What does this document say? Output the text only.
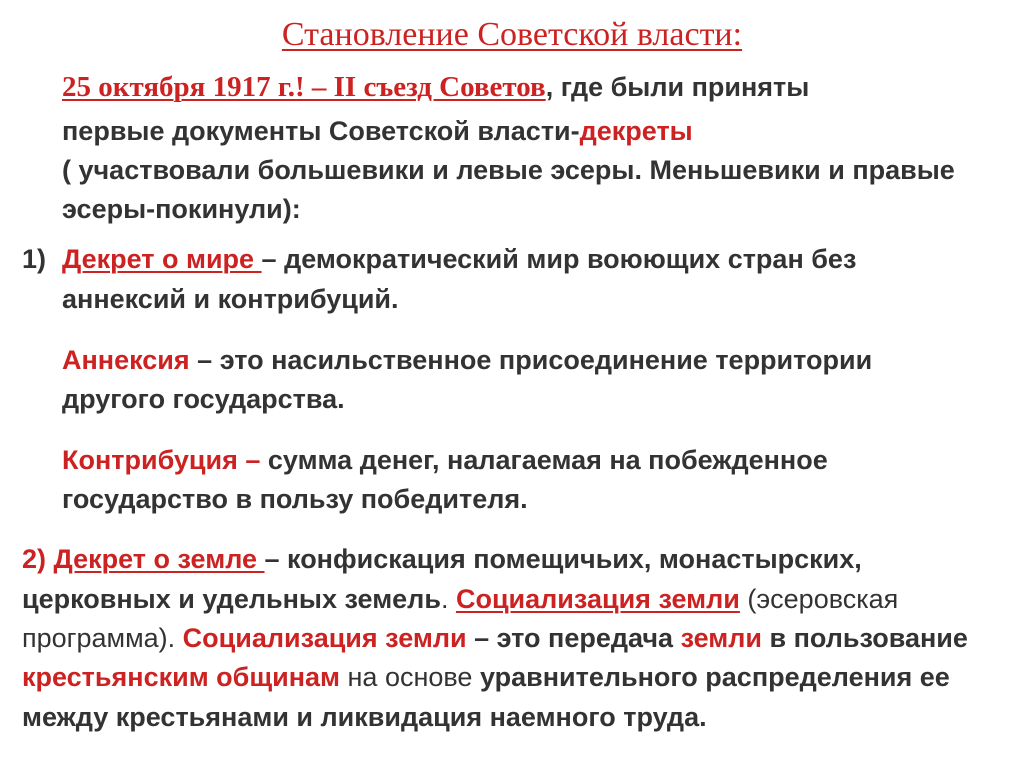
Становление Советской власти:
25 октября 1917 г.! – II съезд Советов, где были приняты
первые документы Советской власти-декреты
( участвовали большевики и левые эсеры. Меньшевики и правые
эсеры-покинули):
1) Декрет о мире – демократический мир воюющих стран без
аннексий и контрибуций.
Аннексия – это насильственное присоединение территории
другого государства.
Контрибуция – сумма денег, налагаемая на побежденное
государство в пользу победителя.
2) Декрет о земле – конфискация помещичьих, монастырских,
церковных и удельных земель. Социализация земли (эсеровская
программа). Социализация земли – это передача земли в пользование
крестьянским общинам на основе уравнительного распределения ее
между крестьянами и ликвидация наемного труда.
